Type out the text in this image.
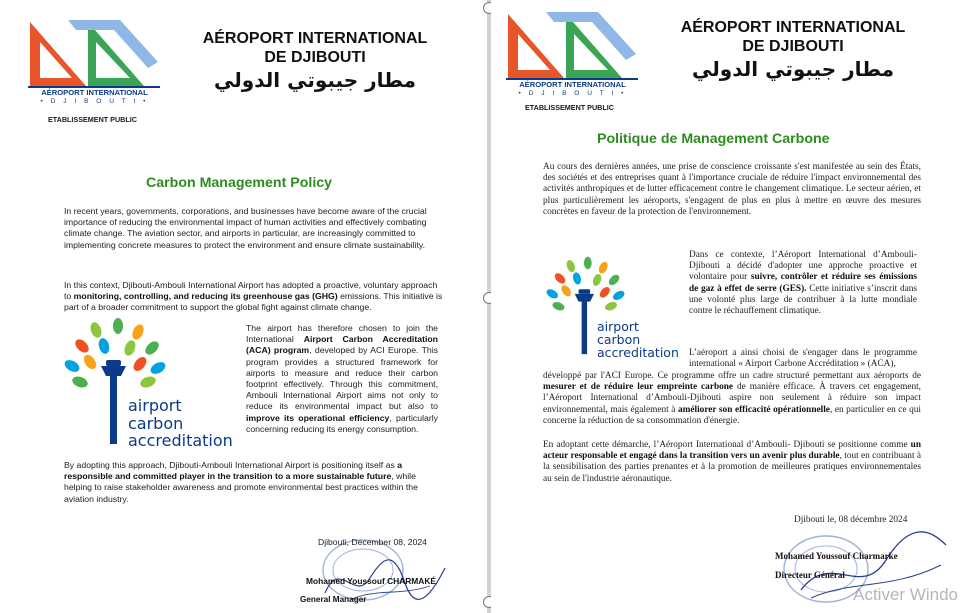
AÉROPORT INTERNATIONAL
• D J I B O U T I •
ETABLISSEMENT PUBLIC
AÉROPORT INTERNATIONAL
DE DJIBOUTI
مطار جيبوتي الدولي
Carbon Management Policy
In recent years, governments, corporations, and businesses have become aware of the crucial importance of reducing the environmental impact of human activities and effectively combating climate change. The aviation sector, and airports in particular, are increasingly committed to implementing concrete measures to protect the environment and ensure climate sustainability.
In this context, Djibouti-Ambouli International Airport has adopted a proactive, voluntary approach to monitoring, controlling, and reducing its greenhouse gas (GHG) emissions. This initiative is part of a broader commitment to support the global fight against climate change.
airport
carbon
accreditation
The airport has therefore chosen to join the International Airport Carbon Accreditation (ACA) program, developed by ACI Europe. This program provides a structured framework for airports to measure and reduce their carbon footprint effectively. Through this commitment, Ambouli International Airport aims not only to reduce its environmental impact but also to improve its operational efficiency, particularly concerning reducing its energy consumption.
By adopting this approach, Djibouti-Ambouli International Airport is positioning itself as a responsible and committed player in the transition to a more sustainable future, while helping to raise stakeholder awareness and promote environmental best practices within the aviation industry.
Djibouti, December 08, 2024
Mohamed Youssouf CHARMAKÉ
General Manager
AÉROPORT INTERNATIONAL
• D J I B O U T I •
ETABLISSEMENT PUBLIC
AÉROPORT INTERNATIONAL
DE DJIBOUTI
مطار جيبوتي الدولي
Politique de Management Carbone
Au cours des dernières années, une prise de conscience croissante s'est manifestée au sein des États, des sociétés et des entreprises quant à l'importance cruciale de réduire l'impact environnemental des activités anthropiques et de lutter efficacement contre le changement climatique. Le secteur aérien, et plus particulièrement les aéroports, s'engagent de plus en plus à mettre en œuvre des mesures concrètes en faveur de la protection de l'environnement.
airport
carbon
accreditation
Dans ce contexte, l’Aéroport International d’Ambouli-Djibouti a décidé d'adopter une approche proactive et volontaire pour suivre, contrôler et réduire ses émissions de gaz à effet de serre (GES). Cette initiative s’inscrit dans une volonté plus large de contribuer à la lutte mondiale contre le réchauffement climatique.
L’aéroport a ainsi choisi de s'engager dans le programme international « Airport Carbone Accréditation » (ACA),
développé par l'ACI Europe. Ce programme offre un cadre structuré permettant aux aéroports de mesurer et de réduire leur empreinte carbone de manière efficace. À travers cet engagement, l’Aéroport International d’Ambouli-Djibouti aspire non seulement à réduire son impact environnemental, mais également à améliorer son efficacité opérationnelle, en particulier en ce qui concerne la réduction de sa consommation d'énergie.
En adoptant cette démarche, l’Aéroport International d’Ambouli- Djibouti se positionne comme un acteur responsable et engagé dans la transition vers un avenir plus durable, tout en contribuant à la sensibilisation des parties prenantes et à la promotion de meilleures pratiques environnementales au sein de l'industrie aéronautique.
Djibouti le, 08 décembre 2024
Mohamed Youssouf Charmarke
Directeur Général
Activer Windo
